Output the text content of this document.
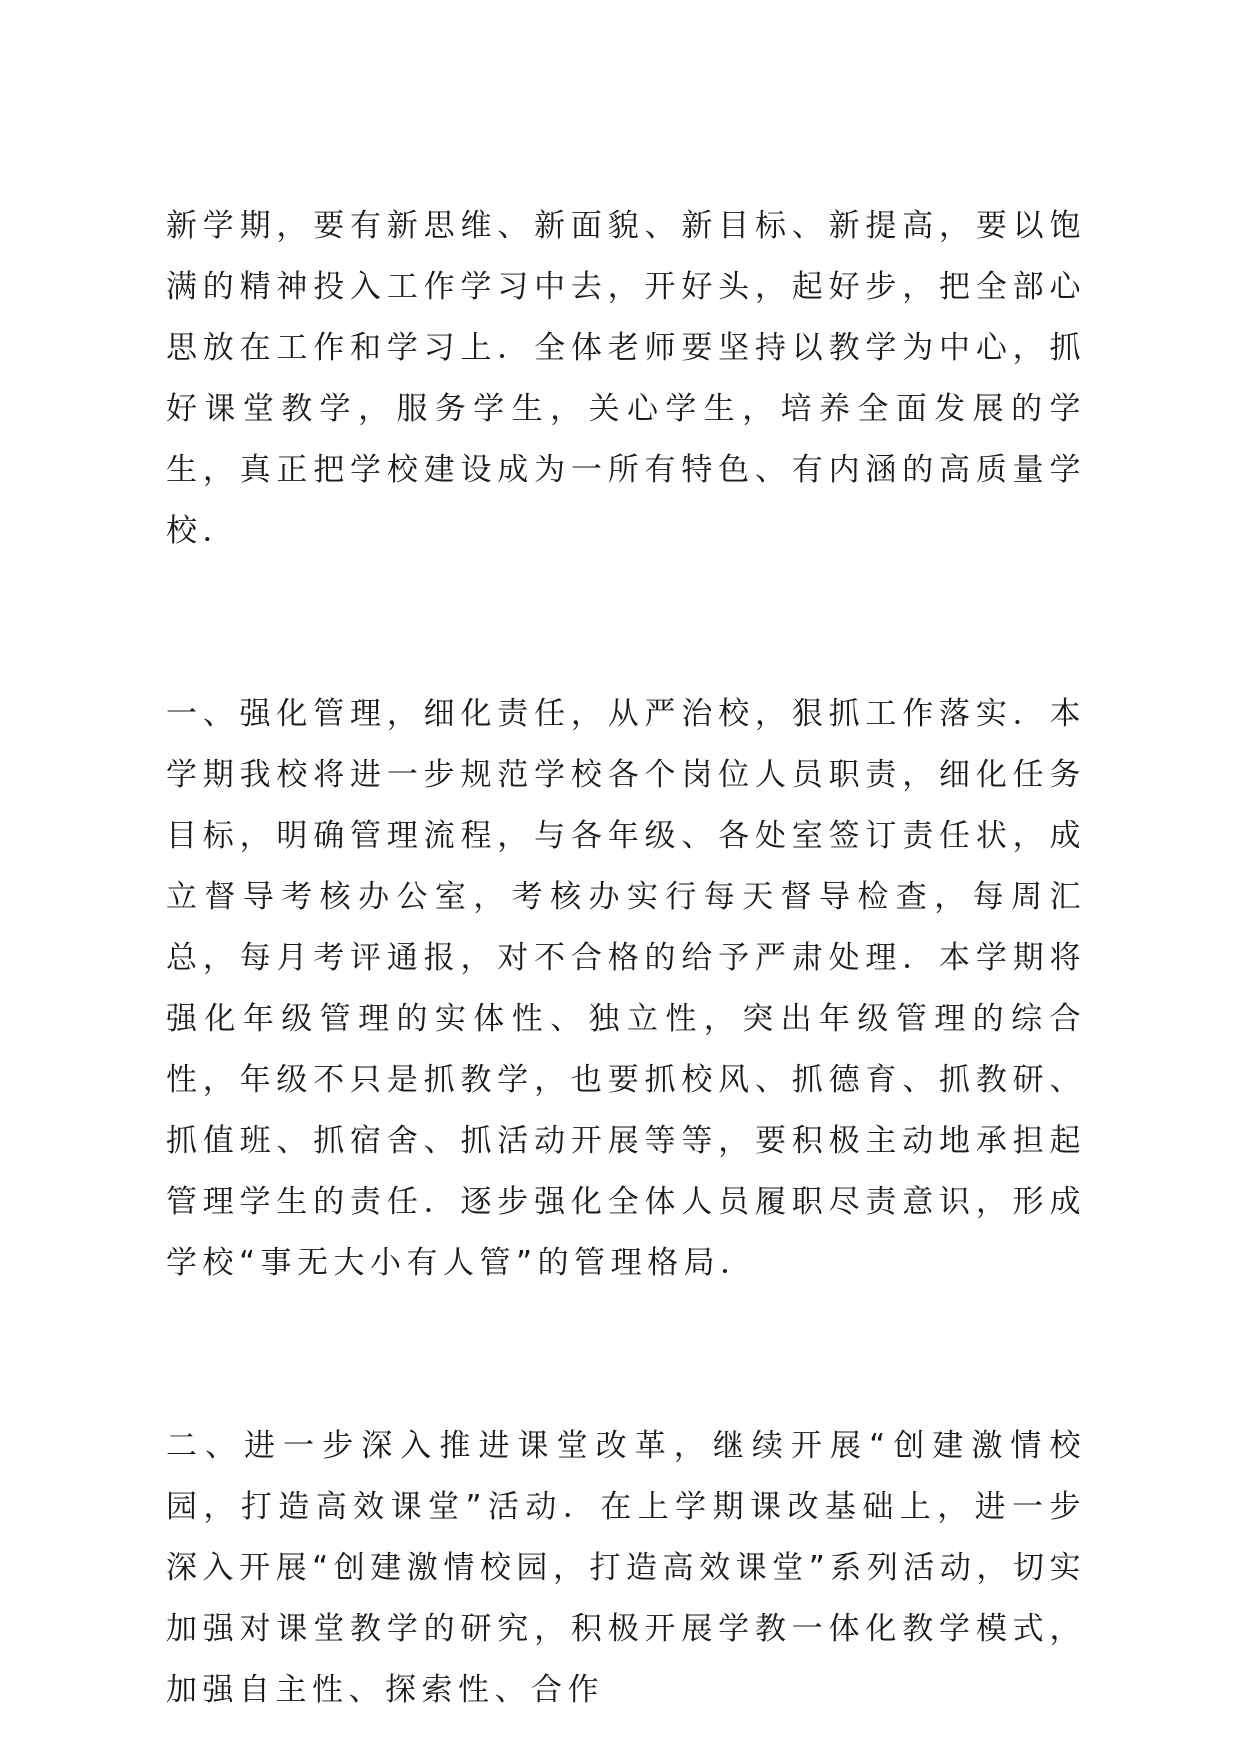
新学期，要有新思维、新面貌、新目标、新提高，要以饱满的精神投入工作学习中去，开好头，起好步，把全部心思放在工作和学习上．全体老师要坚持以教学为中心，抓好课堂教学，服务学生，关心学生，培养全面发展的学生，真正把学校建设成为一所有特色、有内涵的高质量学校．

一、强化管理，细化责任，从严治校，狠抓工作落实．本学期我校将进一步规范学校各个岗位人员职责，细化任务目标，明确管理流程，与各年级、各处室签订责任状，成立督导考核办公室，考核办实行每天督导检查，每周汇总，每月考评通报，对不合格的给予严肃处理．本学期将强化年级管理的实体性、独立性，突出年级管理的综合性，年级不只是抓教学，也要抓校风、抓德育、抓教研、抓值班、抓宿舍、抓活动开展等等，要积极主动地承担起管理学生的责任．逐步强化全体人员履职尽责意识，形成学校“事无大小有人管”的管理格局．

二、进一步深入推进课堂改革，继续开展“创建激情校园，打造高效课堂”活动．在上学期课改基础上，进一步深入开展“创建激情校园，打造高效课堂”系列活动，切实加强对课堂教学的研究，积极开展学教一体化教学模式，加强自主性、探索性、合作
